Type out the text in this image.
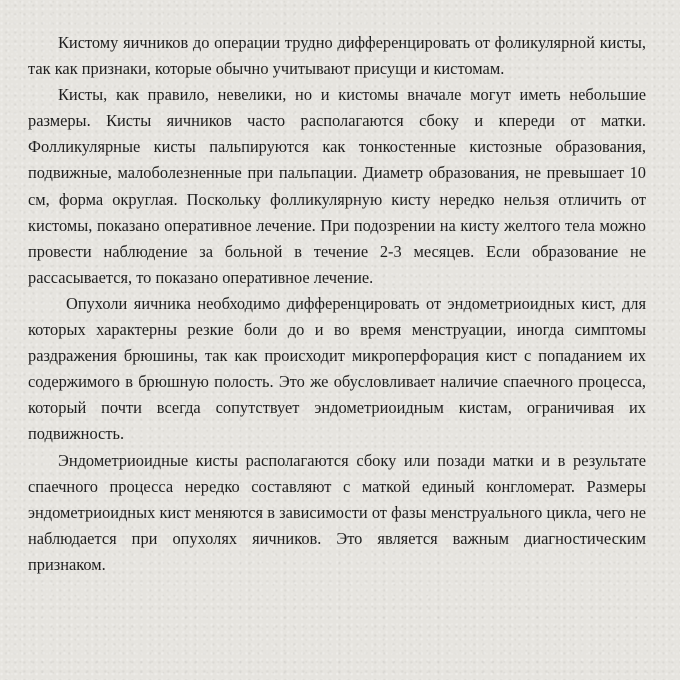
Кистому яичников до операции трудно дифференцировать от фоликулярной кисты, так как признаки, которые обычно учитывают присущи и кистомам.

Кисты, как правило, невелики, но и кистомы вначале могут иметь небольшие размеры. Кисты яичников часто располагаются сбоку и кпереди от матки. Фолликулярные кисты пальпируются как тонкостенные кистозные образования, подвижные, малоболезненные при пальпации. Диаметр образования, не превышает 10 см, форма округлая. Поскольку фолликулярную кисту нередко нельзя отличить от кистомы, показано оперативное лечение. При подозрении на кисту желтого тела можно провести наблюдение за больной в течение 2-3 месяцев. Если образование не рассасывается, то показано оперативное лечение.

Опухоли яичника необходимо дифференцировать от эндометриоидных кист, для которых характерны резкие боли до и во время менструации, иногда симптомы раздражения брюшины, так как происходит микроперфорация кист с попаданием их содержимого в брюшную полость. Это же обусловливает наличие спаечного процесса, который почти всегда сопутствует эндометриоидным кистам, ограничивая их подвижность.

Эндометриоидные кисты располагаются сбоку или позади матки и в результате спаечного процесса нередко составляют с маткой единый конгломерат. Размеры эндометриоидных кист меняются в зависимости от фазы менструального цикла, чего не наблюдается при опухолях яичников. Это является важным диагностическим признаком.
